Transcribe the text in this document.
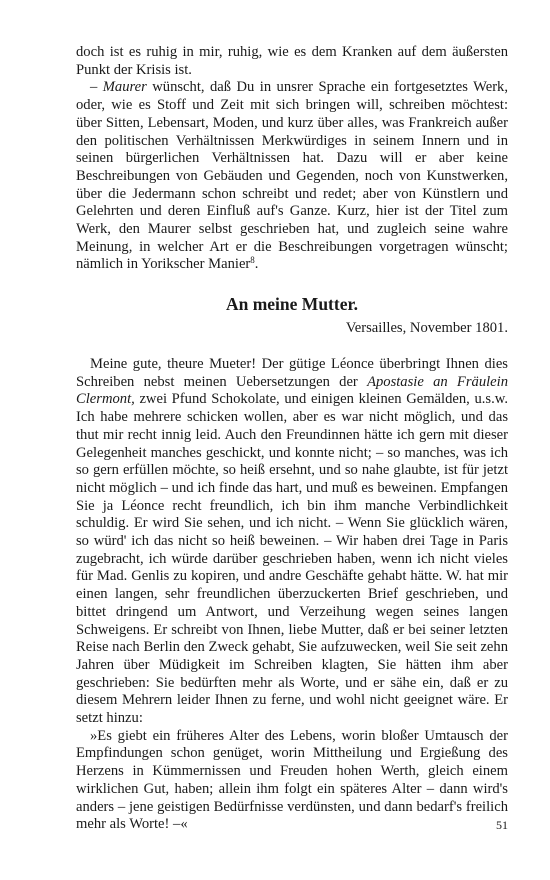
doch ist es ruhig in mir, ruhig, wie es dem Kranken auf dem äußersten Punkt der Krisis ist.

– Maurer wünscht, daß Du in unsrer Sprache ein fortgesetztes Werk, oder, wie es Stoff und Zeit mit sich bringen will, schreiben möchtest: über Sitten, Lebensart, Moden, und kurz über alles, was Frankreich außer den politischen Verhältnissen Merkwürdiges in seinem Innern und in seinen bürgerlichen Verhältnissen hat. Dazu will er aber keine Beschreibungen von Gebäuden und Gegenden, noch von Kunstwerken, über die Jedermann schon schreibt und redet; aber von Künstlern und Gelehrten und deren Einfluß auf's Ganze. Kurz, hier ist der Titel zum Werk, den Maurer selbst geschrieben hat, und zugleich seine wahre Meinung, in welcher Art er die Beschreibungen vorgetragen wünscht; nämlich in Yorikscher Manier$^8$.

An meine Mutter.
Versailles, November 1801.

Meine gute, theure Mueter! Der gütige Léonce überbringt Ihnen dies Schreiben nebst meinen Uebersetzungen der Apostasie an Fräulein Clermont, zwei Pfund Schokolate, und einigen kleinen Gemälden, u.s.w. Ich habe mehrere schicken wollen, aber es war nicht möglich, und das thut mir recht innig leid. Auch den Freundinnen hätte ich gern mit dieser Gelegenheit manches geschickt, und konnte nicht; – so manches, was ich so gern erfüllen möchte, so heiß ersehnt, und so nahe glaubte, ist für jetzt nicht möglich – und ich finde das hart, und muß es beweinen. Empfangen Sie ja Léonce recht freundlich, ich bin ihm manche Verbindlichkeit schuldig. Er wird Sie sehen, und ich nicht. – Wenn Sie glücklich wären, so würd' ich das nicht so heiß beweinen. – Wir haben drei Tage in Paris zugebracht, ich würde darüber geschrieben haben, wenn ich nicht vieles für Mad. Genlis zu kopiren, und andre Geschäfte gehabt hätte. W. hat mir einen langen, sehr freundlichen überzuckerten Brief geschrieben, und bittet dringend um Antwort, und Verzeihung wegen seines langen Schweigens. Er schreibt von Ihnen, liebe Mutter, daß er bei seiner letzten Reise nach Berlin den Zweck gehabt, Sie aufzuwecken, weil Sie seit zehn Jahren über Müdigkeit im Schreiben klagten, Sie hätten ihm aber geschrieben: Sie bedürften mehr als Worte, und er sähe ein, daß er zu diesem Mehrern leider Ihnen zu ferne, und wohl nicht geeignet wäre. Er setzt hinzu:

»Es giebt ein früheres Alter des Lebens, worin bloßer Umtausch der Empfindungen schon genüget, worin Mittheilung und Ergießung des Herzens in Kümmernissen und Freuden hohen Werth, gleich einem wirklichen Gut, haben; allein ihm folgt ein späteres Alter – dann wird's anders – jene geistigen Bedürfnisse verdünsten, und dann bedarf's freilich mehr als Worte! –«	51
